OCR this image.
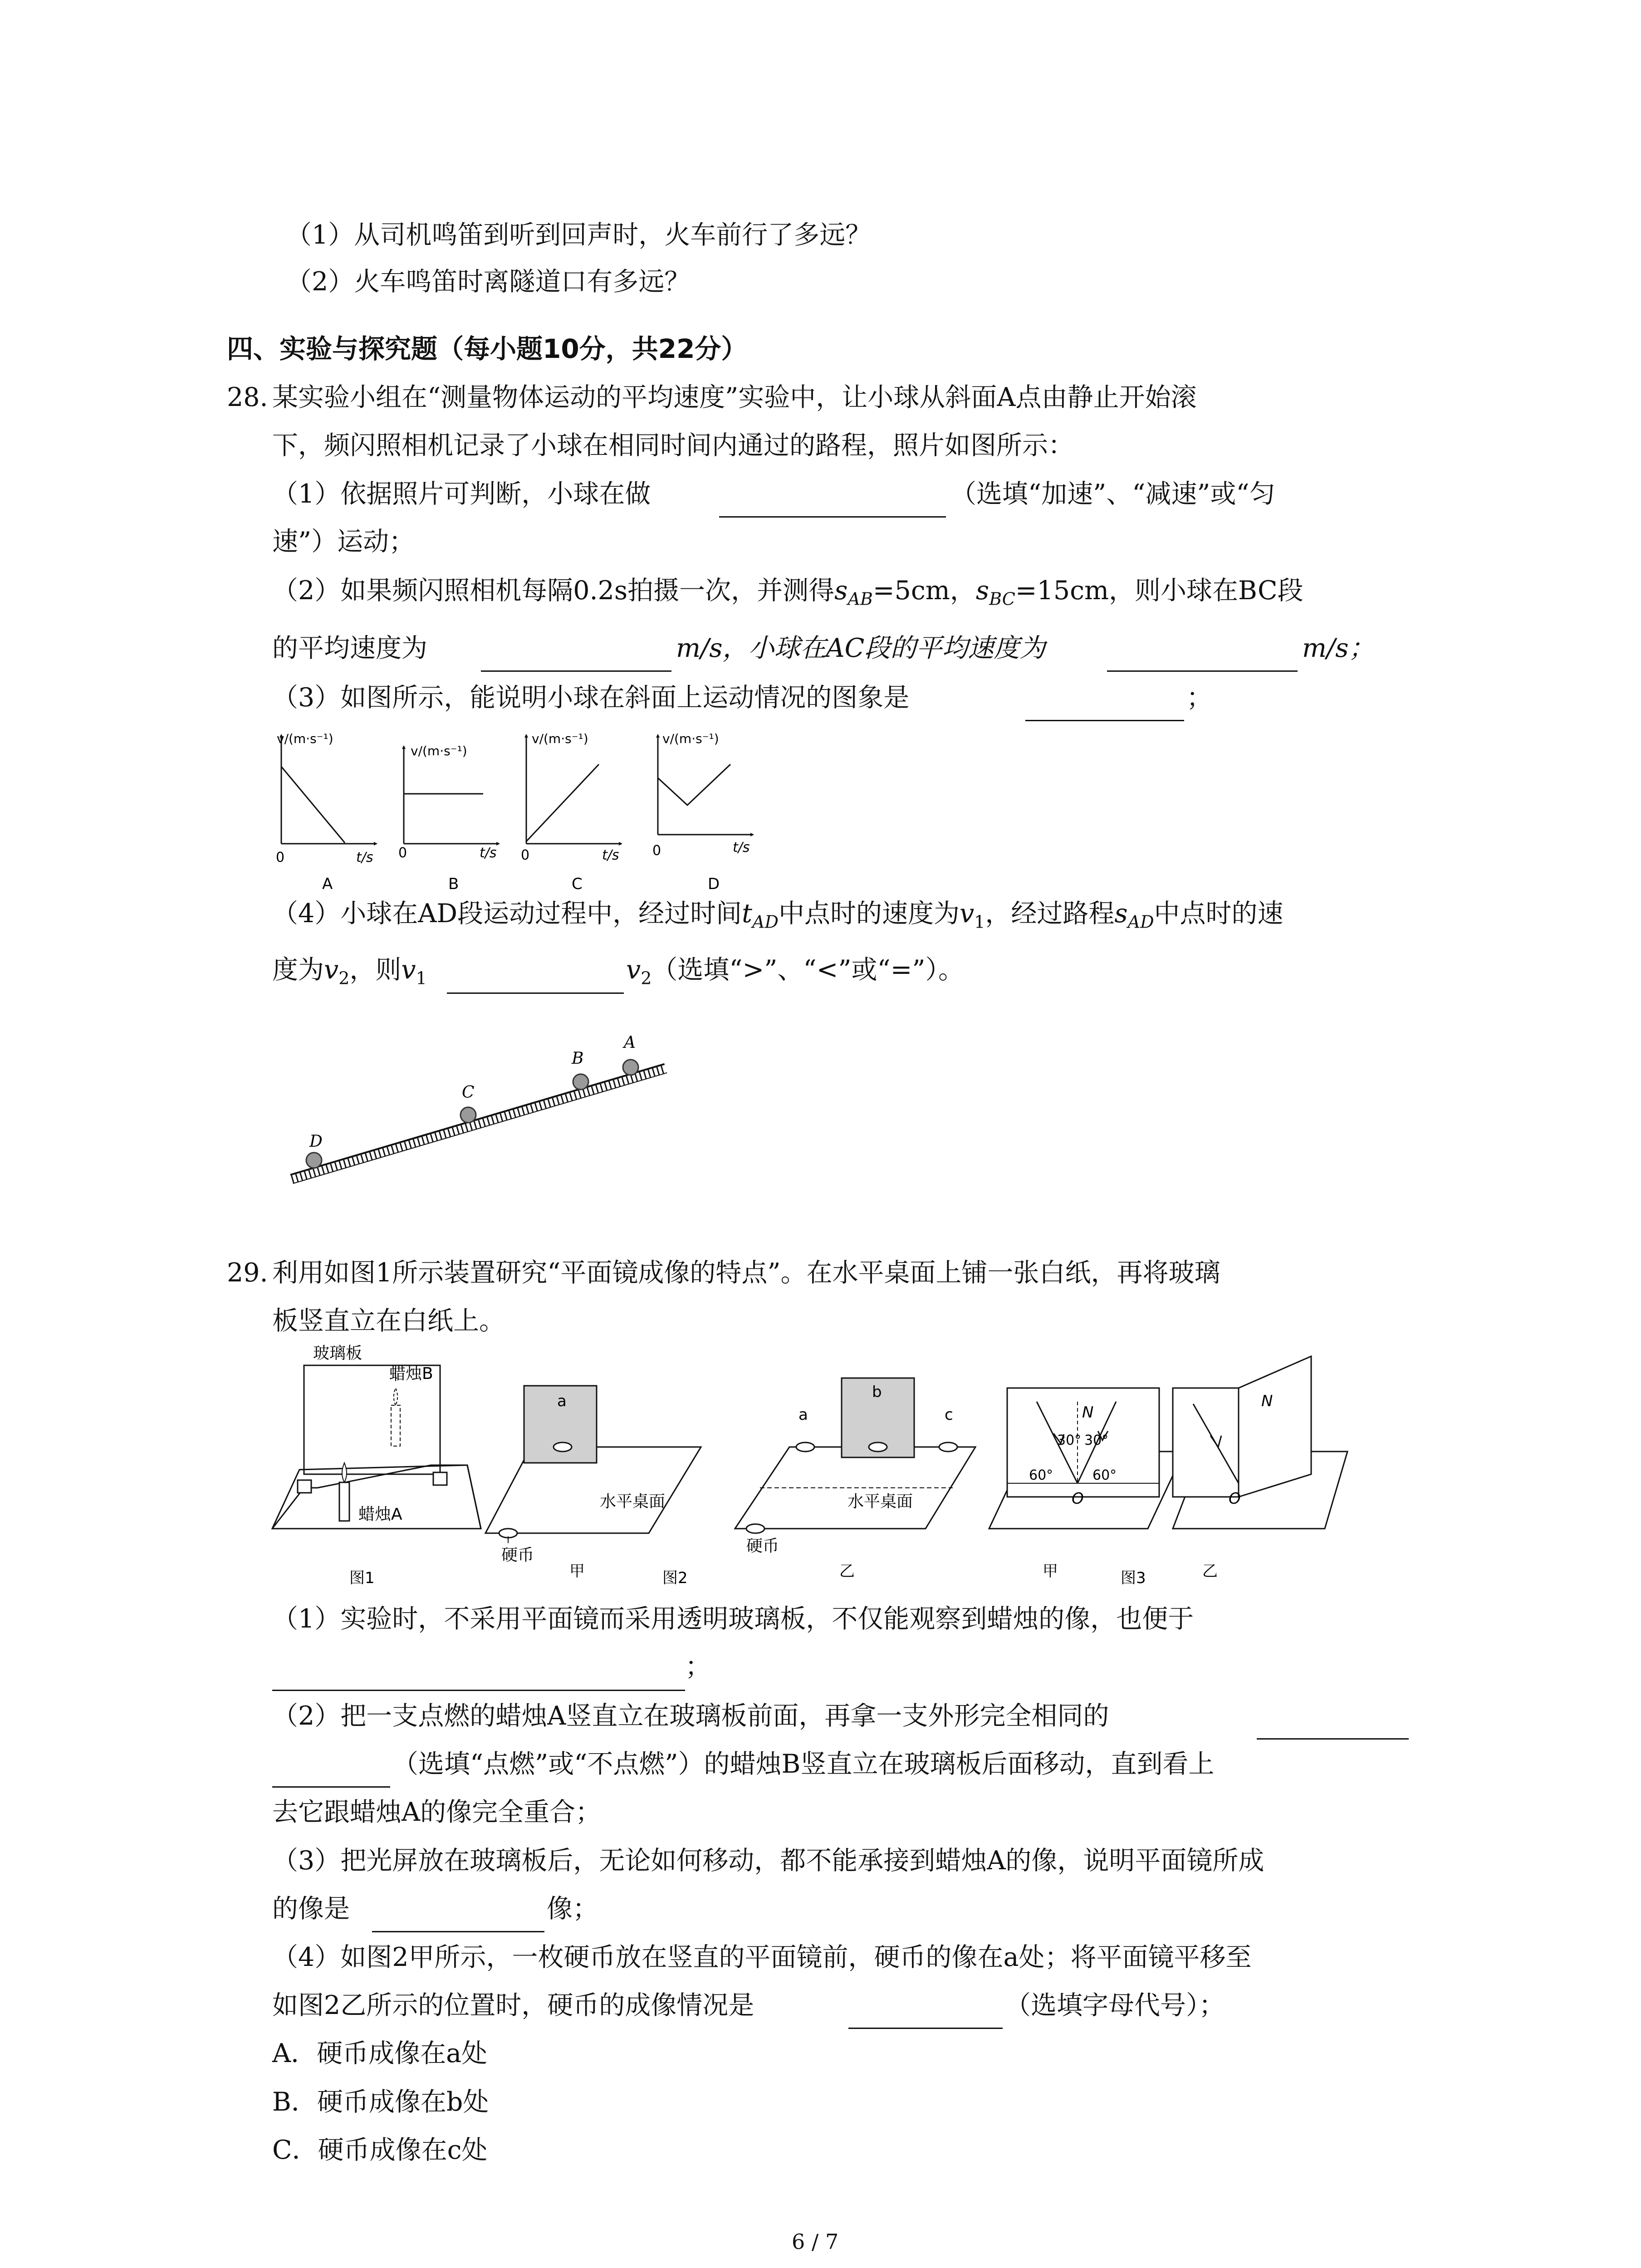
（1）从司机鸣笛到听到回声时，火车前行了多远？
（2）火车鸣笛时离隧道口有多远？
四、实验与探究题（每小题10分，共22分）
28. 某实验小组在“测量物体运动的平均速度”实验中，让小球从斜面A点由静止开始滚
下，频闪照相机记录了小球在相同时间内通过的路程，照片如图所示：
（1）依据照片可判断，小球在做	（选填“加速”、“减速”或“匀
速”）运动；
（2）如果频闪照相机每隔0.2s拍摄一次，并测得$s_{AB}=5cm$，$s_{BC}=15cm$，则小球在BC段
的平均速度为	m/s，小球在AC段的平均速度为	m/s；
（3）如图所示，能说明小球在斜面上运动情况的图象是	；
v/(m·s⁻¹)
t/s
0
A
v/(m·s⁻¹)
t/s
0
B
v/(m·s⁻¹)
t/s
0
C
v/(m·s⁻¹)
t/s
0
D
（4）小球在AD段运动过程中，经过时间$t_{AD}$中点时的速度为$v_1$，经过路程$s_{AD}$中点时的速
度为$v_2$，则$v_1$	$v_2$（选填“>”、“<”或“=”）。
D
C
B
A
29. 利用如图1所示装置研究“平面镜成像的特点”。在水平桌面上铺一张白纸，再将玻璃
板竖直立在白纸上。
玻璃板
蜡烛B
蜡烛A
图1
a
水平桌面
硬币
甲	图2
a
b
c
水平桌面
硬币
乙
N
30° 30°
60°	60°
O
甲	图3
N
O
乙
（1）实验时，不采用平面镜而采用透明玻璃板，不仅能观察到蜡烛的像，也便于
；
（2）把一支点燃的蜡烛A竖直立在玻璃板前面，再拿一支外形完全相同的
（选填“点燃”或“不点燃”）的蜡烛B竖直立在玻璃板后面移动，直到看上
去它跟蜡烛A的像完全重合；
（3）把光屏放在玻璃板后，无论如何移动，都不能承接到蜡烛A的像，说明平面镜所成
的像是	像；
（4）如图2甲所示，一枚硬币放在竖直的平面镜前，硬币的像在a处；将平面镜平移至
如图2乙所示的位置时，硬币的成像情况是	（选填字母代号）；
A．硬币成像在a处
B．硬币成像在b处
C．硬币成像在c处
6 / 7
